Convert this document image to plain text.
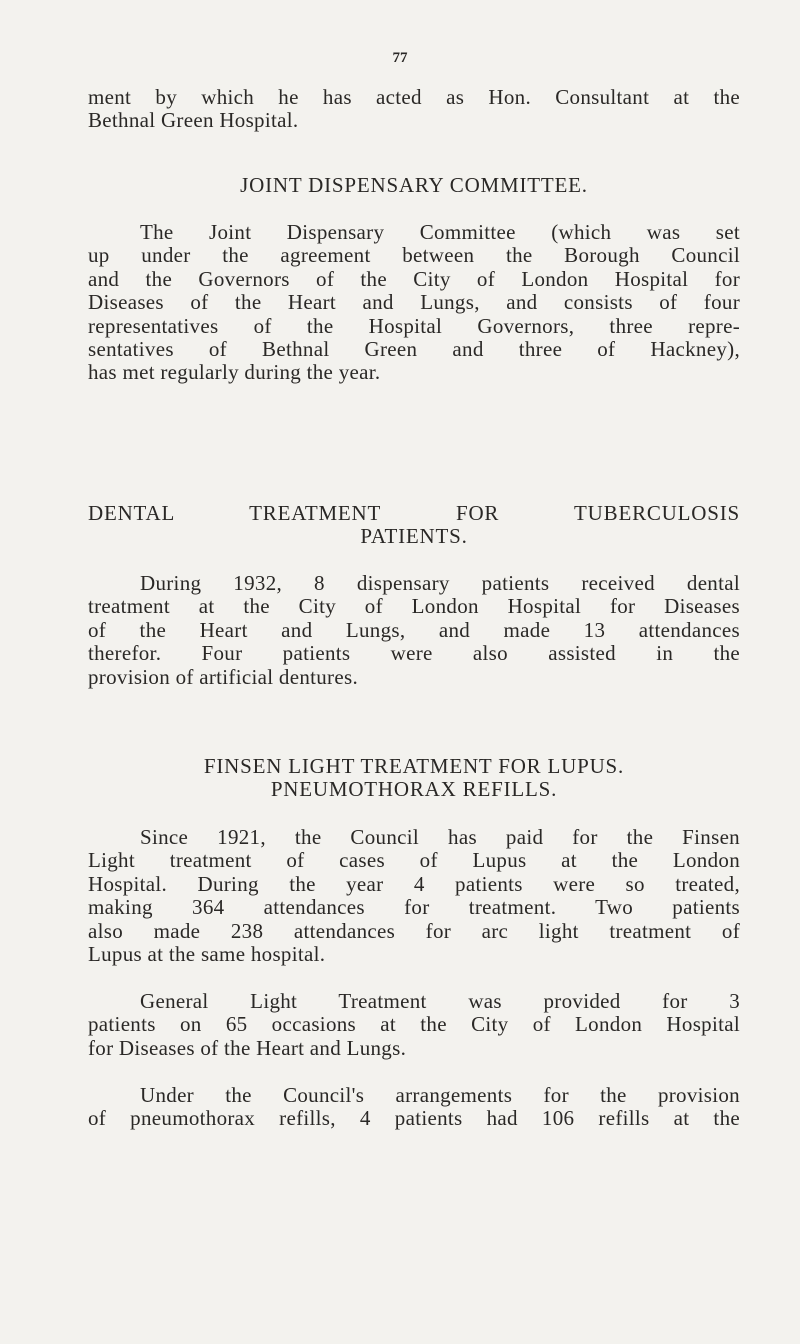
77
ment by which he has acted as Hon. Consultant at the
Bethnal Green Hospital.
JOINT DISPENSARY COMMITTEE.
The Joint Dispensary Committee (which was set
up under the agreement between the Borough Council
and the Governors of the City of London Hospital for
Diseases of the Heart and Lungs, and consists of four
representatives of the Hospital Governors, three repre-
sentatives of Bethnal Green and three of Hackney),
has met regularly during the year.
DENTAL TREATMENT FOR TUBERCULOSIS
PATIENTS.
During 1932, 8 dispensary patients received dental
treatment at the City of London Hospital for Diseases
of the Heart and Lungs, and made 13 attendances
therefor. Four patients were also assisted in the
provision of artificial dentures.
FINSEN LIGHT TREATMENT FOR LUPUS.
PNEUMOTHORAX REFILLS.
Since 1921, the Council has paid for the Finsen
Light treatment of cases of Lupus at the London
Hospital. During the year 4 patients were so treated,
making 364 attendances for treatment. Two patients
also made 238 attendances for arc light treatment of
Lupus at the same hospital.
General Light Treatment was provided for 3
patients on 65 occasions at the City of London Hospital
for Diseases of the Heart and Lungs.
Under the Council's arrangements for the provision
of pneumothorax refills, 4 patients had 106 refills at the
